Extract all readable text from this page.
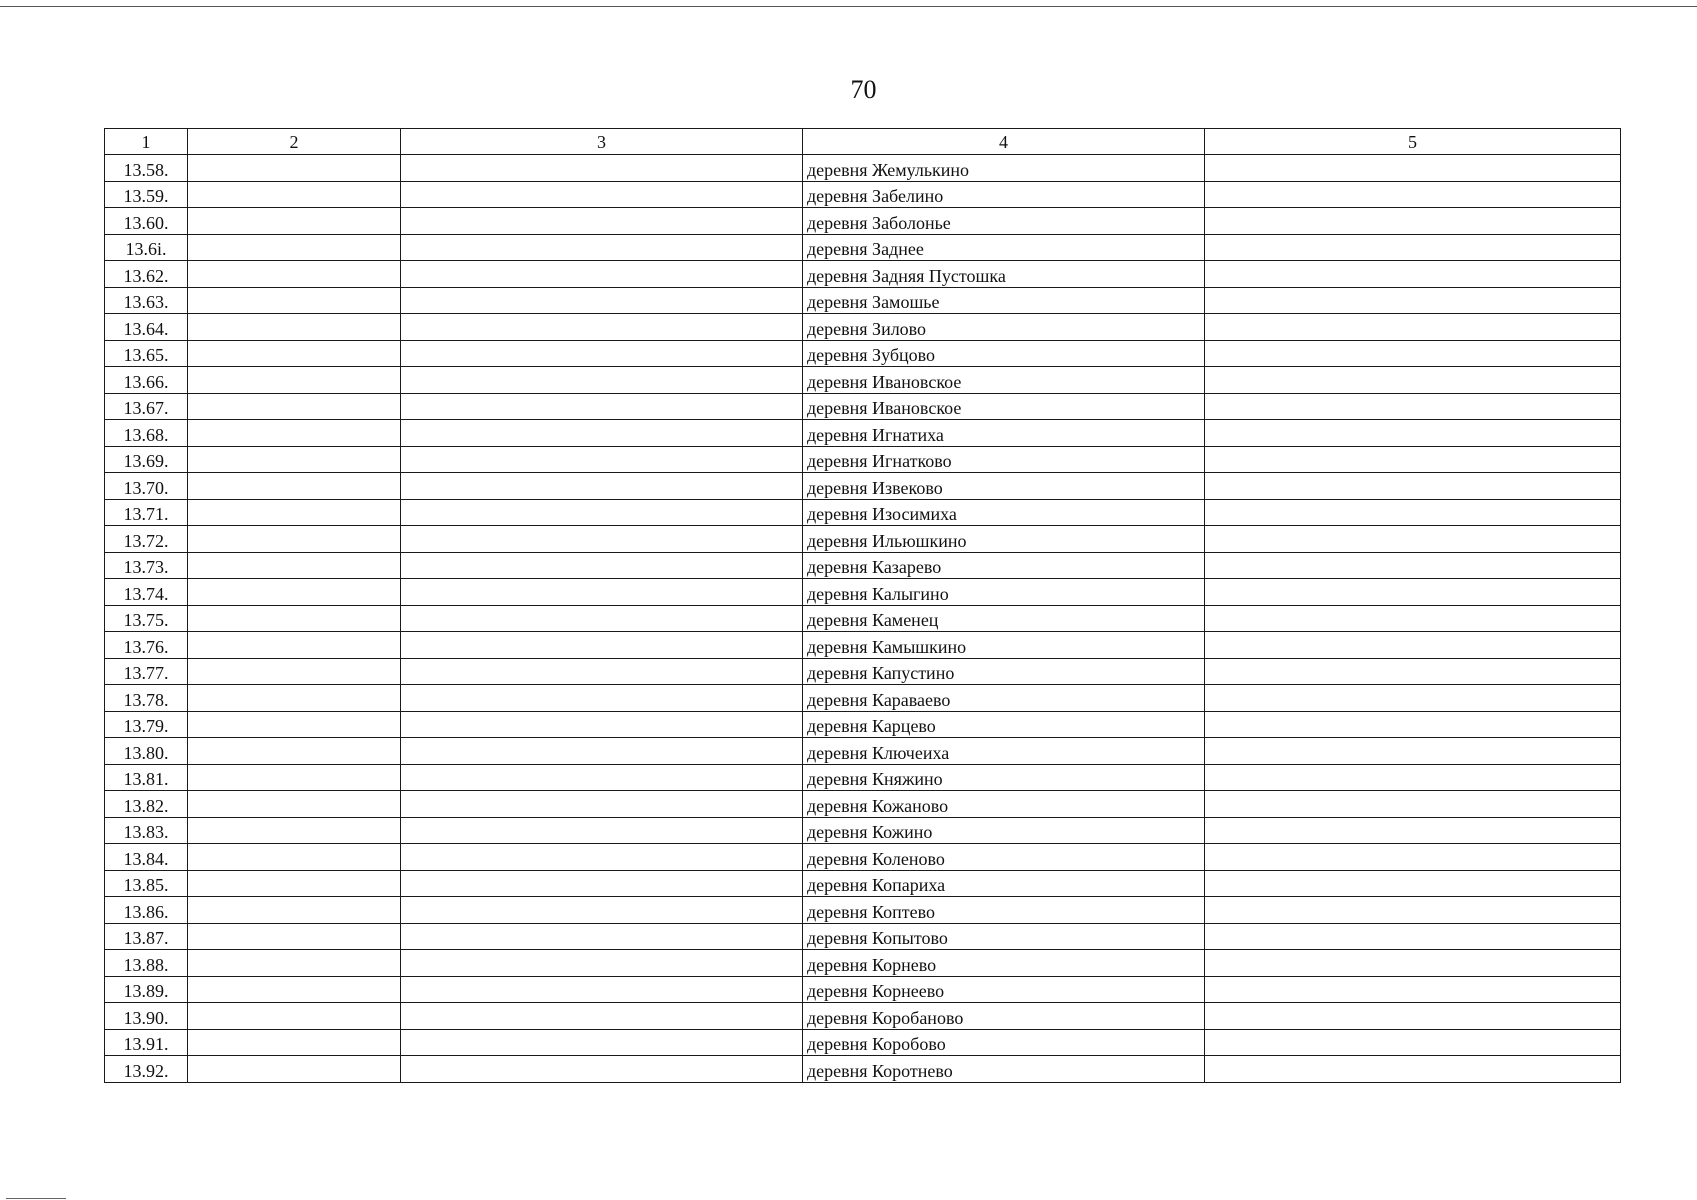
70
1	2	3	4	5
13.58.			деревня Жемулькино	
13.59.			деревня Забелино	
13.60.			деревня Заболонье	
13.6i.			деревня Заднее	
13.62.			деревня Задняя Пустошка	
13.63.			деревня Замошье	
13.64.			деревня Зилово	
13.65.			деревня Зубцово	
13.66.			деревня Ивановское	
13.67.			деревня Ивановское	
13.68.			деревня Игнатиха	
13.69.			деревня Игнатково	
13.70.			деревня Извеково	
13.71.			деревня Изосимиха	
13.72.			деревня Ильюшкино	
13.73.			деревня Казарево	
13.74.			деревня Калыгино	
13.75.			деревня Каменец	
13.76.			деревня Камышкино	
13.77.			деревня Капустино	
13.78.			деревня Караваево	
13.79.			деревня Карцево	
13.80.			деревня Ключеиха	
13.81.			деревня Княжино	
13.82.			деревня Кожаново	
13.83.			деревня Кожино	
13.84.			деревня Коленово	
13.85.			деревня Копариха	
13.86.			деревня Коптево	
13.87.			деревня Копытово	
13.88.			деревня Корнево	
13.89.			деревня Корнеево	
13.90.			деревня Коробаново	
13.91.			деревня Коробово	
13.92.			деревня Коротнево	
